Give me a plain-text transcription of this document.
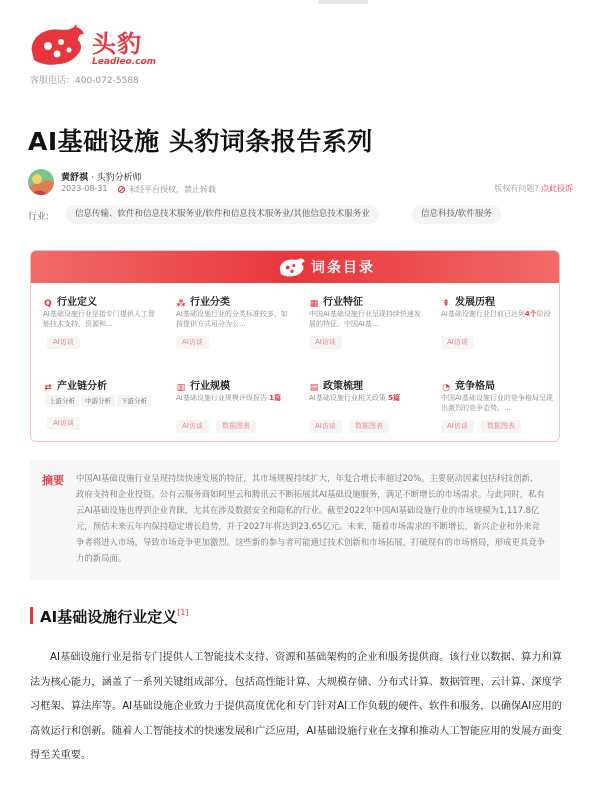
头豹
Leadleo.com
客服电话：400-072-5588
AI基础设施 头豹词条报告系列
黄舒祺 · 头豹分析师
2023-08-31	未经平台授权，禁止转载	版权有问题? 点此投诉
行业:	信息传输、软件和信息技术服务业/软件和信息技术服务业/其他信息技术服务业	信息科技/软件服务
词条目录
Q 行业定义
AI基础设施行业是指专门提供人工智能技术支持、资源和...
AI访谈
⁂ 行业分类
AI基础设施行业的分类标准较多，如按提供方式可分为公...
AI访谈
▦ 行业特征
中国AI基础设施行业呈现持续快速发展的特征。中国AI基...
AI访谈
⇞ 发展历程
AI基础设施行业目前已达到4个阶段
AI访谈
⇄ 产业链分析
上游分析	中游分析	下游分析
AI访谈
▥ 行业规模
AI基础设施行业规模评级报告 1篇
AI访谈	数据图表
▤ 政策梳理
AI基础设施行业相关政策 5篇
AI访谈	数据图表
◔ 竞争格局
中国AI基础设施行业的竞争格局呈现出激烈的竞争态势。...
AI访谈	数据图表
摘要 中国AI基础设施行业呈现持续快速发展的特征，其市场规模持续扩大，年复合增长率超过20%。主要驱动因素包括科技创新、政府支持和企业投资。公有云服务商如阿里云和腾讯云不断拓展其AI基础设施服务，满足不断增长的市场需求。与此同时，私有云AI基础设施也得到企业青睐，尤其在涉及数据安全和隐私的行业。截至2022年中国AI基础设施行业的市场规模为1,117.8亿元，预估未来五年内保持稳定增长趋势，并于2027年将达到23.65亿元。未来，随着市场需求的不断增长，新兴企业和外来竞争者将进入市场，导致市场竞争更加激烈。这些新的参与者可能通过技术创新和市场拓展，打破现有的市场格局，形成更具竞争力的新局面。
AI基础设施行业定义[1]
AI基础设施行业是指专门提供人工智能技术支持、资源和基础架构的企业和服务提供商。该行业以数据、算力和算法为核心能力，涵盖了一系列关键组成部分，包括高性能计算、大规模存储、分布式计算、数据管理、云计算、深度学习框架、算法库等。AI基础设施企业致力于提供高度优化和专门针对AI工作负载的硬件、软件和服务，以确保AI应用的高效运行和创新。随着人工智能技术的快速发展和广泛应用，AI基础设施行业在支撑和推动人工智能应用的发展方面变得至关重要。
